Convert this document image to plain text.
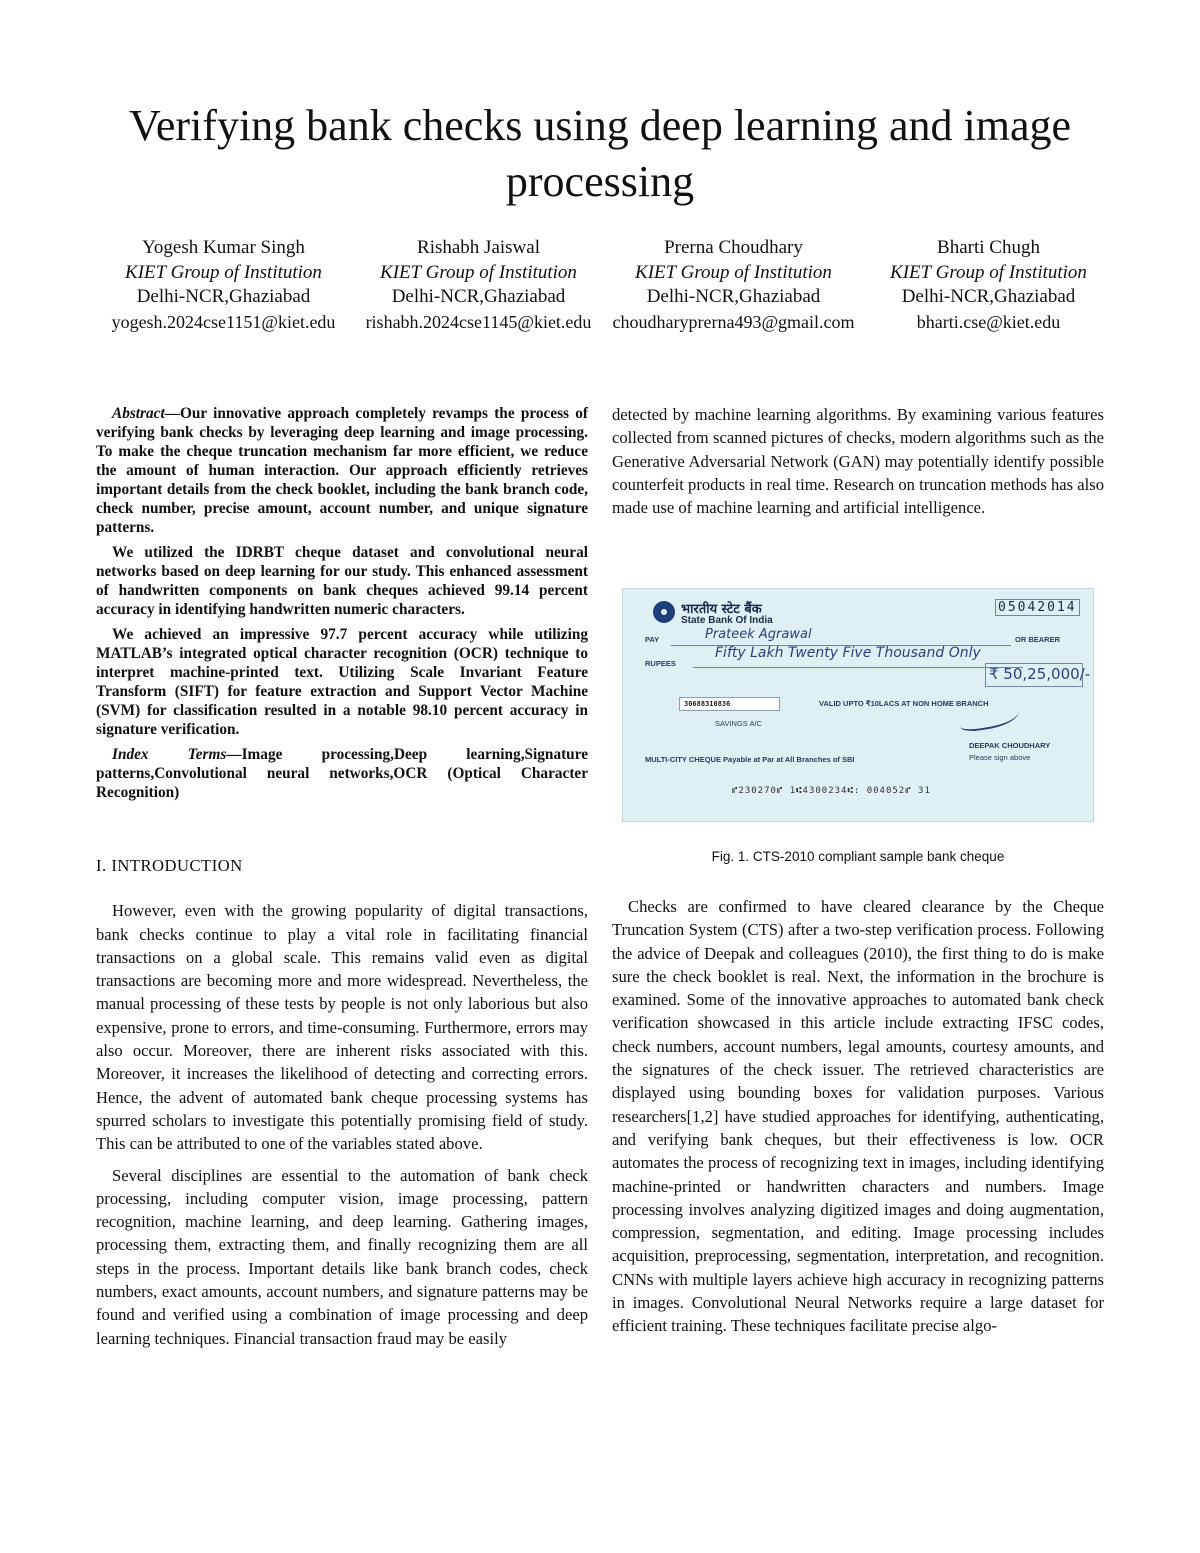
Verifying bank checks using deep learning and image processing
Yogesh Kumar Singh
KIET Group of Institution
Delhi-NCR,Ghaziabad
yogesh.2024cse1151@kiet.edu
Rishabh Jaiswal
KIET Group of Institution
Delhi-NCR,Ghaziabad
rishabh.2024cse1145@kiet.edu
Prerna Choudhary
KIET Group of Institution
Delhi-NCR,Ghaziabad
choudharyprerna493@gmail.com
Bharti Chugh
KIET Group of Institution
Delhi-NCR,Ghaziabad
bharti.cse@kiet.edu

Abstract—Our innovative approach completely revamps the process of verifying bank checks by leveraging deep learning and image processing. To make the cheque truncation mechanism far more efficient, we reduce the amount of human interaction. Our approach efficiently retrieves important details from the check booklet, including the bank branch code, check number, precise amount, account number, and unique signature patterns.

We utilized the IDRBT cheque dataset and convolutional neural networks based on deep learning for our study. This enhanced assessment of handwritten components on bank cheques achieved 99.14 percent accuracy in identifying handwritten numeric characters.

We achieved an impressive 97.7 percent accuracy while utilizing MATLAB’s integrated optical character recognition (OCR) technique to interpret machine-printed text. Utilizing Scale Invariant Feature Transform (SIFT) for feature extraction and Support Vector Machine (SVM) for classification resulted in a notable 98.10 percent accuracy in signature verification.

Index Terms—Image processing,Deep learning,Signature patterns,Convolutional neural networks,OCR (Optical Character Recognition)

I. INTRODUCTION

However, even with the growing popularity of digital transactions, bank checks continue to play a vital role in facilitating financial transactions on a global scale. This remains valid even as digital transactions are becoming more and more widespread. Nevertheless, the manual processing of these tests by people is not only laborious but also expensive, prone to errors, and time-consuming. Furthermore, errors may also occur. Moreover, there are inherent risks associated with this. Moreover, it increases the likelihood of detecting and correcting errors. Hence, the advent of automated bank cheque processing systems has spurred scholars to investigate this potentially promising field of study. This can be attributed to one of the variables stated above.

Several disciplines are essential to the automation of bank check processing, including computer vision, image processing, pattern recognition, machine learning, and deep learning. Gathering images, processing them, extracting them, and finally recognizing them are all steps in the process. Important details like bank branch codes, check numbers, exact amounts, account numbers, and signature patterns may be found and verified using a combination of image processing and deep learning techniques. Financial transaction fraud may be easily

detected by machine learning algorithms. By examining various features collected from scanned pictures of checks, modern algorithms such as the Generative Adversarial Network (GAN) may potentially identify possible counterfeit products in real time. Research on truncation methods has also made use of machine learning and artificial intelligence.

भारतीय स्टेट बैंक
State Bank Of India
05042014
PAY	Prateek Agrawal	OR BEARER
RUPEES
Fifty Lakh Twenty Five Thousand Only
₹ 50,25,000/-
30688310836	VALID UPTO ₹10LACS AT NON HOME BRANCH
SAVINGS A/C
DEEPAK CHOUDHARY
Please sign above
MULTI-CITY CHEQUE Payable at Par at All Branches of SBI
⑈230270⑈ 1⑆4300234⑆: 004052⑈ 31
Fig. 1. CTS-2010 compliant sample bank cheque

Checks are confirmed to have cleared clearance by the Cheque Truncation System (CTS) after a two-step verification process. Following the advice of Deepak and colleagues (2010), the first thing to do is make sure the check booklet is real. Next, the information in the brochure is examined. Some of the innovative approaches to automated bank check verification showcased in this article include extracting IFSC codes, check numbers, account numbers, legal amounts, courtesy amounts, and the signatures of the check issuer. The retrieved characteristics are displayed using bounding boxes for validation purposes. Various researchers[1,2] have studied approaches for identifying, authenticating, and verifying bank cheques, but their effectiveness is low. OCR automates the process of recognizing text in images, including identifying machine-printed or handwritten characters and numbers. Image processing involves analyzing digitized images and doing augmentation, compression, segmentation, and editing. Image processing includes acquisition, preprocessing, segmentation, interpretation, and recognition. CNNs with multiple layers achieve high accuracy in recognizing patterns in images. Convolutional Neural Networks require a large dataset for efficient training. These techniques facilitate precise algo-
